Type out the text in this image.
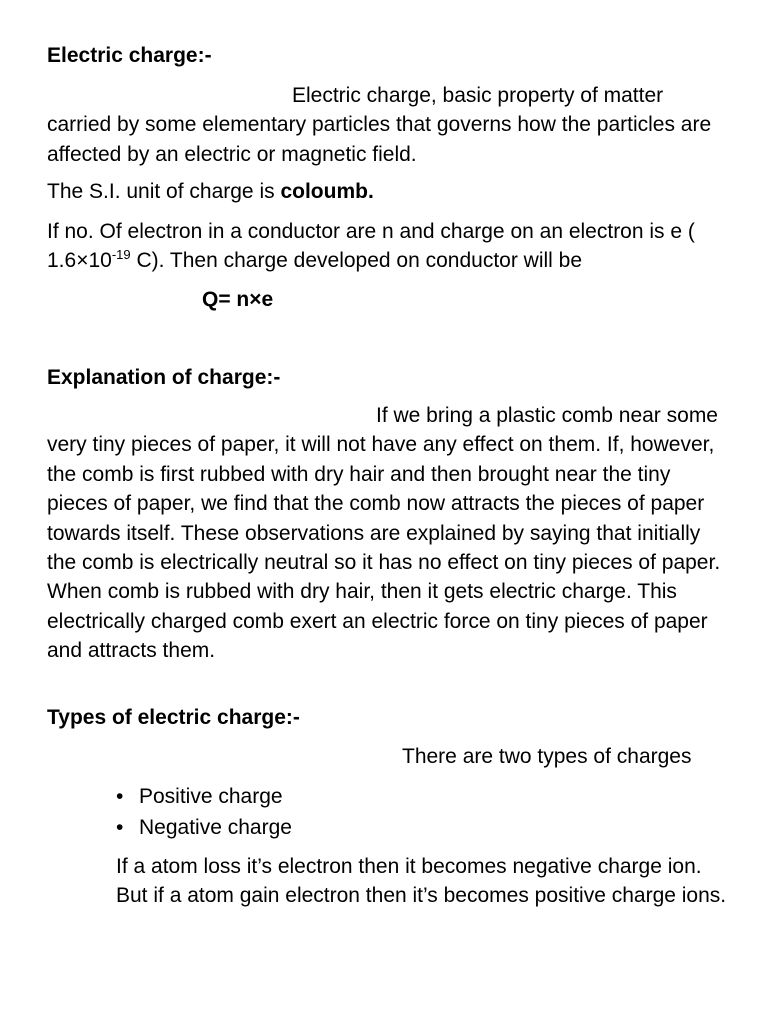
Electric charge:-

Electric charge, basic property of matter carried by some elementary particles that governs how the particles are affected by an electric or magnetic field.

The S.I. unit of charge is coloumb.

If no. Of electron in a conductor are n and charge on an electron is e ( $1.6\times 10^{-19}$ C). Then charge developed on conductor will be

Q= n×e

Explanation of charge:-

If we bring a plastic comb near some very tiny pieces of paper, it will not have any effect on them. If, however, the comb is first rubbed with dry hair and then brought near the tiny pieces of paper, we find that the comb now attracts the pieces of paper towards itself. These observations are explained by saying that initially the comb is electrically neutral so it has no effect on tiny pieces of paper. When comb is rubbed with dry hair, then it gets electric charge. This electrically charged comb exert an electric force on tiny pieces of paper and attracts them.

Types of electric charge:-

There are two types of charges

• Positive charge
• Negative charge

If a atom loss it’s electron then it becomes negative charge ion. But if a atom gain electron then it’s becomes positive charge ions.
